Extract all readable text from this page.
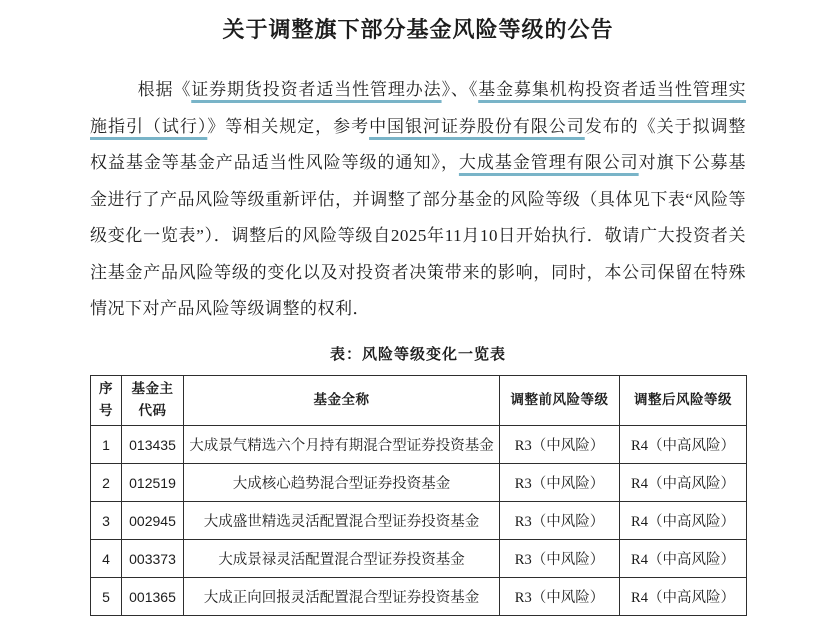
关于调整旗下部分基金风险等级的公告

根据《证券期货投资者适当性管理办法》、《基金募集机构投资者适当性管理实施指引（试行）》等相关规定，参考中国银河证券股份有限公司发布的《关于拟调整权益基金等基金产品适当性风险等级的通知》，大成基金管理有限公司对旗下公募基金进行了产品风险等级重新评估，并调整了部分基金的风险等级（具体见下表“风险等级变化一览表”）．调整后的风险等级自2025年11月10日开始执行．敬请广大投资者关注基金产品风险等级的变化以及对投资者决策带来的影响，同时，本公司保留在特殊情况下对产品风险等级调整的权利．

表：风险等级变化一览表
序号	基金主代码	基金全称	调整前风险等级	调整后风险等级
1	013435	大成景气精选六个月持有期混合型证券投资基金	R3（中风险）	R4（中高风险）
2	012519	大成核心趋势混合型证券投资基金	R3（中风险）	R4（中高风险）
3	002945	大成盛世精选灵活配置混合型证券投资基金	R3（中风险）	R4（中高风险）
4	003373	大成景禄灵活配置混合型证券投资基金	R3（中风险）	R4（中高风险）
5	001365	大成正向回报灵活配置混合型证券投资基金	R3（中风险）	R4（中高风险）
